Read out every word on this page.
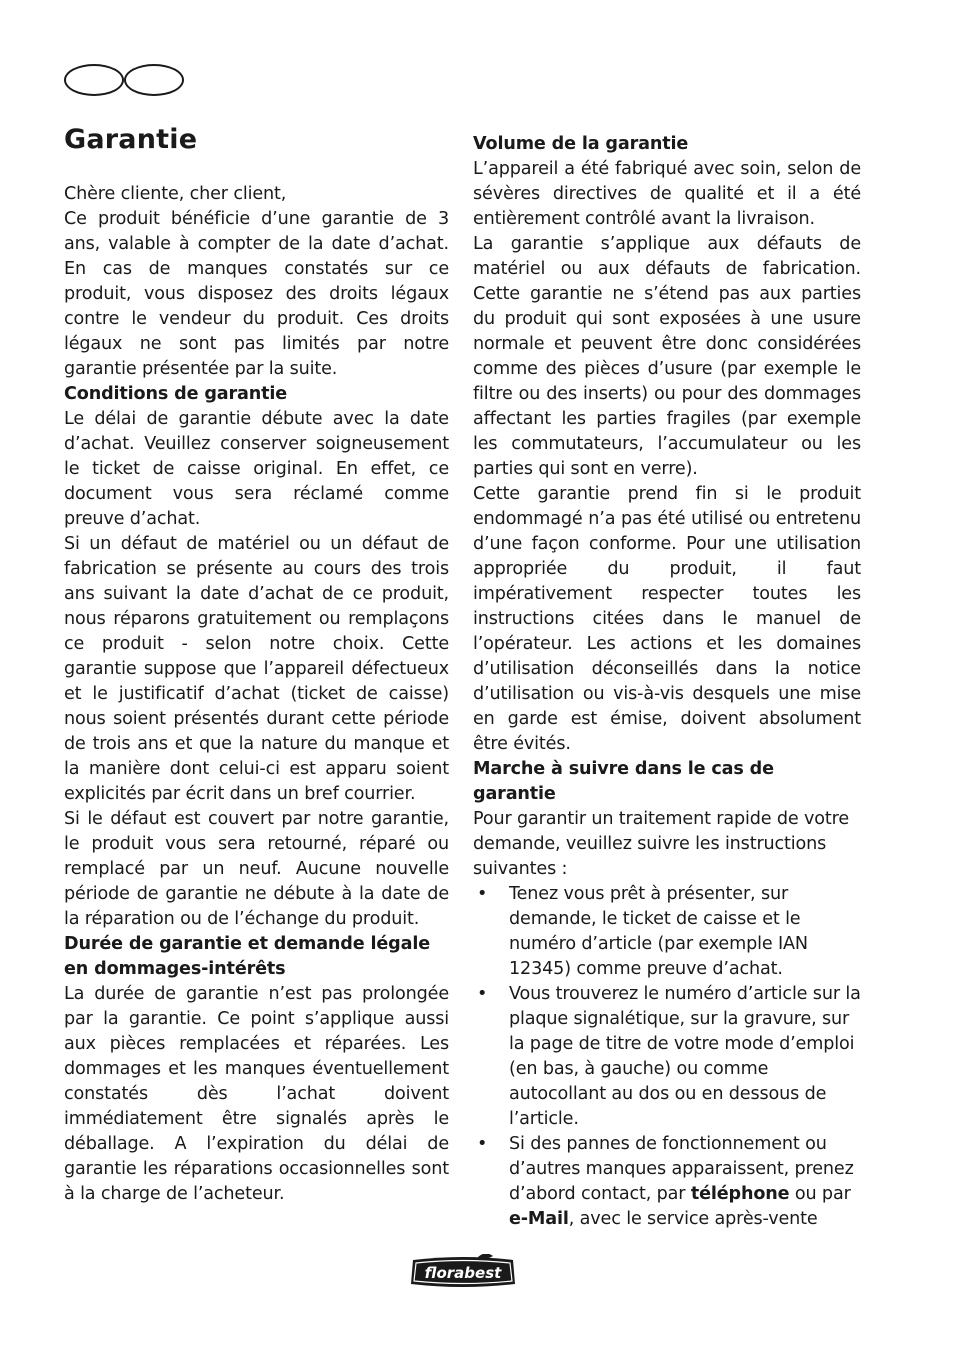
Garantie

Chère cliente, cher client,

Ce produit bénéficie d’une garantie de 3 ans, valable à compter de la date d’achat. En cas de manques constatés sur ce produit, vous disposez des droits légaux contre le vendeur du produit. Ces droits légaux ne sont pas limités par notre garantie présentée par la suite.

Conditions de garantie

Le délai de garantie débute avec la date d’achat. Veuillez conserver soigneusement le ticket de caisse original. En effet, ce document vous sera réclamé comme preuve d’achat.

Si un défaut de matériel ou un défaut de fabrication se présente au cours des trois ans suivant la date d’achat de ce produit, nous réparons gratuitement ou remplaçons ce produit - selon notre choix. Cette garantie suppose que l’appareil défectueux et le justificatif d’achat (ticket de caisse) nous soient présentés durant cette période de trois ans et que la nature du manque et la manière dont celui-ci est apparu soient explicités par écrit dans un bref courrier.

Si le défaut est couvert par notre garantie, le produit vous sera retourné, réparé ou remplacé par un neuf. Aucune nouvelle période de garantie ne débute à la date de la réparation ou de l’échange du produit.

Durée de garantie et demande légale en dommages-intérêts

La durée de garantie n’est pas prolongée par la garantie. Ce point s’applique aussi aux pièces remplacées et réparées. Les dommages et les manques éventuellement constatés dès l’achat doivent immédiatement être signalés après le déballage. A l’expiration du délai de garantie les réparations occasionnelles sont à la charge de l’acheteur.

Volume de la garantie

L’appareil a été fabriqué avec soin, selon de sévères directives de qualité et il a été entièrement contrôlé avant la livraison.

La garantie s’applique aux défauts de matériel ou aux défauts de fabrication. Cette garantie ne s’étend pas aux parties du produit qui sont exposées à une usure normale et peuvent être donc considérées comme des pièces d’usure (par exemple le filtre ou des inserts) ou pour des dommages affectant les parties fragiles (par exemple les commutateurs, l’accumulateur ou les parties qui sont en verre).

Cette garantie prend fin si le produit endommagé n’a pas été utilisé ou entretenu d’une façon conforme. Pour une utilisation appropriée du produit, il faut impérativement respecter toutes les instructions citées dans le manuel de l’opérateur. Les actions et les domaines d’utilisation déconseillés dans la notice d’utilisation ou vis-à-vis desquels une mise en garde est émise, doivent absolument être évités.

Marche à suivre dans le cas de garantie

Pour garantir un traitement rapide de votre demande, veuillez suivre les instructions suivantes :

• Tenez vous prêt à présenter, sur demande, le ticket de caisse et le numéro d’article (par exemple IAN 12345) comme preuve d’achat.
• Vous trouverez le numéro d’article sur la plaque signalétique, sur la gravure, sur la page de titre de votre mode d’emploi (en bas, à gauche) ou comme autocollant au dos ou en dessous de l’article.
• Si des pannes de fonctionnement ou d’autres manques apparaissent, prenez d’abord contact, par téléphone ou par e-Mail, avec le service après-vente
florabest
